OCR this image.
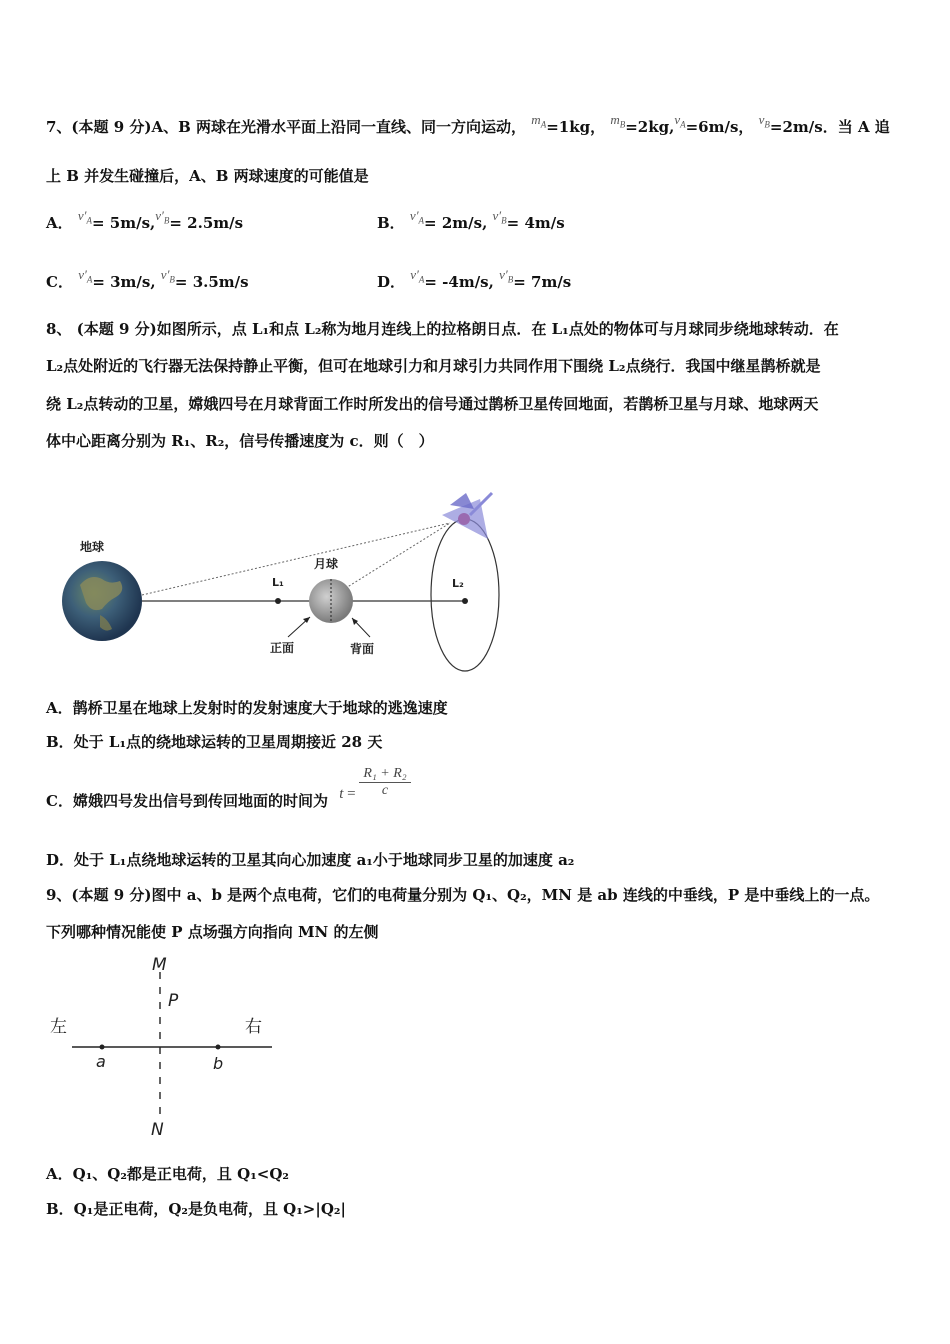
7、(本题 9 分)A、B 两球在光滑水平面上沿同一直线、同一方向运动， $m_A=1kg$， $m_B=2kg,v_A=6m/s$， $v_B=2m/s$．当 A 追
上 B 并发生碰撞后，A、B 两球速度的可能值是
A． $v'_A= 5m/s,v'_B= 2.5m/s$	B． $v'_A= 2m/s$, $v'_B= 4m/s$
C． $v'_A= 3m/s$, $v'_B= 3.5m/s$	D． $v'_A= -4m/s$, $v'_B= 7m/s$
8、 (本题 9 分)如图所示，点 L₁和点 L₂称为地月连线上的拉格朗日点．在 L₁点处的物体可与月球同步绕地球转动．在
L₂点处附近的飞行器无法保持静止平衡，但可在地球引力和月球引力共同作用下围绕 L₂点绕行．我国中继星鹊桥就是
绕 L₂点转动的卫星，嫦娥四号在月球背面工作时所发出的信号通过鹊桥卫星传回地面，若鹊桥卫星与月球、地球两天
体中心距离分别为 R₁、R₂，信号传播速度为 c．则（　）
地球
L₁
月球
正面	背面
L₂
A．鹊桥卫星在地球上发射时的发射速度大于地球的逃逸速度
B．处于 L₁点的绕地球运转的卫星周期接近 28 天
C．嫦娥四号发出信号到传回地面的时间为 $t = \frac{\text{R₁ + R₂}}{c}$
D．处于 L₁点绕地球运转的卫星其向心加速度 a₁小于地球同步卫星的加速度 a₂
9、(本题 9 分)图中 a、b 是两个点电荷，它们的电荷量分别为 Q₁、Q₂，MN 是 ab 连线的中垂线，P 是中垂线上的一点。
下列哪种情况能使 P 点场强方向指向 MN 的左侧
M
P
左	右
a	b
N
A．Q₁、Q₂都是正电荷，且 Q₁<Q₂
B．Q₁是正电荷，Q₂是负电荷，且 Q₁>|Q₂|
